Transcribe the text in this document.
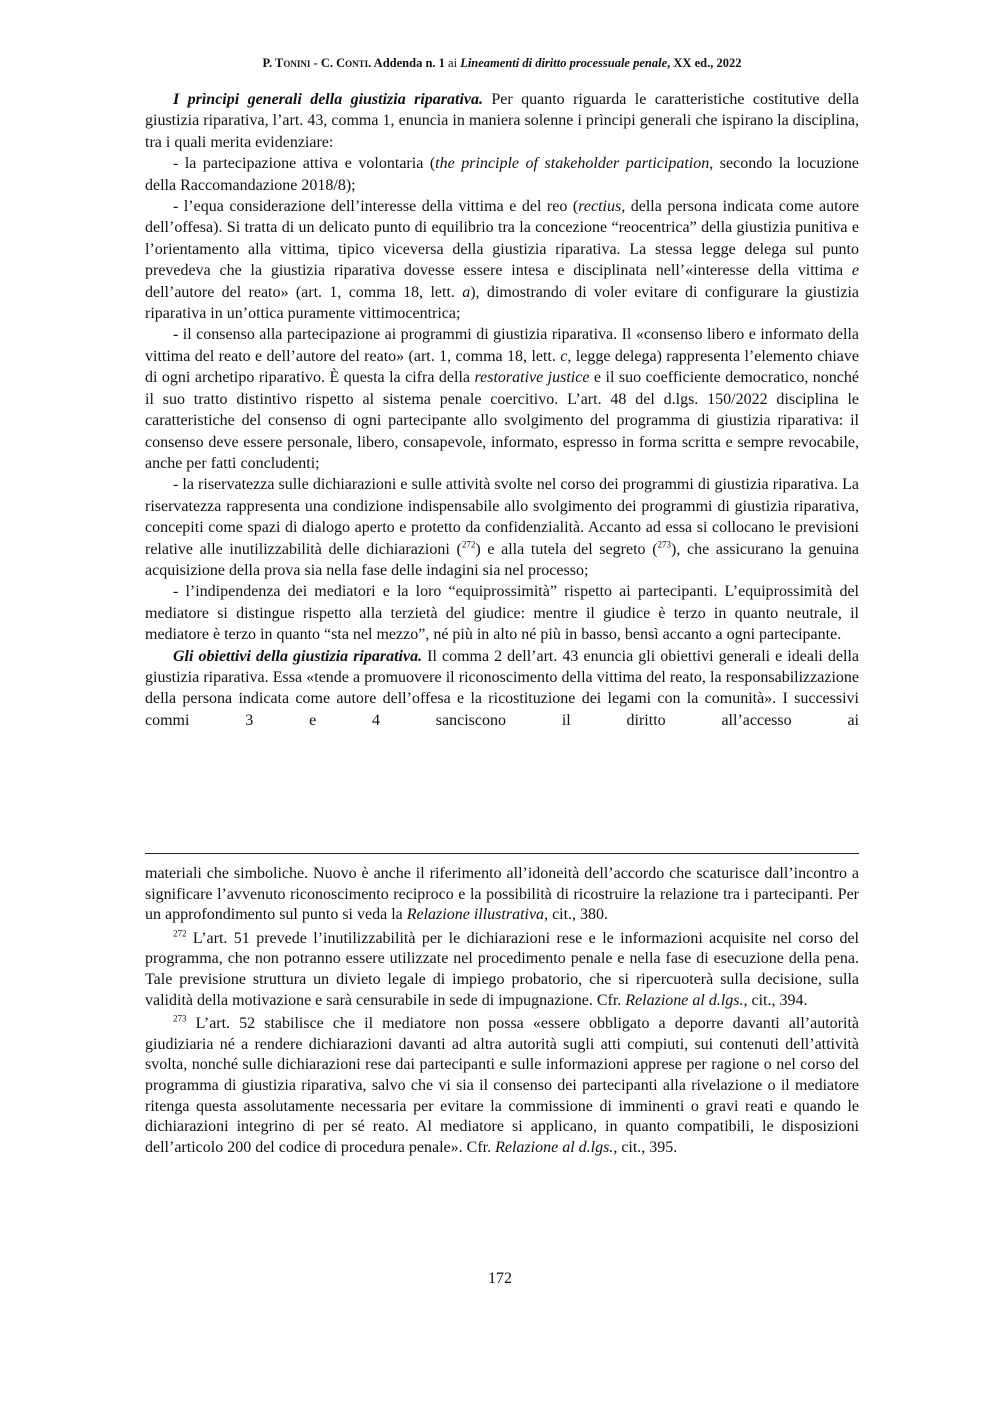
P. Tonini - C. Conti. Addenda n. 1 ai Lineamenti di diritto processuale penale, XX ed., 2022

I prìncipi generali della giustizia riparativa. Per quanto riguarda le caratteristiche costitutive della giustizia riparativa, l’art. 43, comma 1, enuncia in maniera solenne i prìncipi generali che ispirano la disciplina, tra i quali merita evidenziare:

- la partecipazione attiva e volontaria (the principle of stakeholder participation, secondo la locuzione della Raccomandazione 2018/8);

- l’equa considerazione dell’interesse della vittima e del reo (rectius, della persona indicata come autore dell’offesa). Si tratta di un delicato punto di equilibrio tra la concezione “reocentrica” della giustizia punitiva e l’orientamento alla vittima, tipico viceversa della giustizia riparativa. La stessa legge delega sul punto prevedeva che la giustizia riparativa dovesse essere intesa e disciplinata nell’«interesse della vittima e dell’autore del reato» (art. 1, comma 18, lett. a), dimostrando di voler evitare di configurare la giustizia riparativa in un’ottica puramente vittimocentrica;

- il consenso alla partecipazione ai programmi di giustizia riparativa. Il «consenso libero e informato della vittima del reato e dell’autore del reato» (art. 1, comma 18, lett. c, legge delega) rappresenta l’elemento chiave di ogni archetipo riparativo. È questa la cifra della restorative justice e il suo coefficiente democratico, nonché il suo tratto distintivo rispetto al sistema penale coercitivo. L’art. 48 del d.lgs. 150/2022 disciplina le caratteristiche del consenso di ogni partecipante allo svolgimento del programma di giustizia riparativa: il consenso deve essere personale, libero, consapevole, informato, espresso in forma scritta e sempre revocabile, anche per fatti concludenti;

- la riservatezza sulle dichiarazioni e sulle attività svolte nel corso dei programmi di giustizia riparativa. La riservatezza rappresenta una condizione indispensabile allo svolgimento dei programmi di giustizia riparativa, concepiti come spazi di dialogo aperto e protetto da confidenzialità. Accanto ad essa si collocano le previsioni relative alle inutilizzabilità delle dichiarazioni ($^{272}$) e alla tutela del segreto ($^{273}$), che assicurano la genuina acquisizione della prova sia nella fase delle indagini sia nel processo;

- l’indipendenza dei mediatori e la loro “equiprossimità” rispetto ai partecipanti. L’equiprossimità del mediatore si distingue rispetto alla terzietà del giudice: mentre il giudice è terzo in quanto neutrale, il mediatore è terzo in quanto “sta nel mezzo”, né più in alto né più in basso, bensì accanto a ogni partecipante.

Gli obiettivi della giustizia riparativa. Il comma 2 dell’art. 43 enuncia gli obiettivi generali e ideali della giustizia riparativa. Essa «tende a promuovere il riconoscimento della vittima del reato, la responsabilizzazione della persona indicata come autore dell’offesa e la ricostituzione dei legami con la comunità». I successivi commi 3 e 4 sanciscono il diritto all’accesso ai

materiali che simboliche. Nuovo è anche il riferimento all’idoneità dell’accordo che scaturisce dall’incontro a significare l’avvenuto riconoscimento reciproco e la possibilità di ricostruire la relazione tra i partecipanti. Per un approfondimento sul punto si veda la Relazione illustrativa, cit., 380.

$^{272}$ L’art. 51 prevede l’inutilizzabilità per le dichiarazioni rese e le informazioni acquisite nel corso del programma, che non potranno essere utilizzate nel procedimento penale e nella fase di esecuzione della pena. Tale previsione struttura un divieto legale di impiego probatorio, che si ripercuoterà sulla decisione, sulla validità della motivazione e sarà censurabile in sede di impugnazione. Cfr. Relazione al d.lgs., cit., 394.

$^{273}$ L’art. 52 stabilisce che il mediatore non possa «essere obbligato a deporre davanti all’autorità giudiziaria né a rendere dichiarazioni davanti ad altra autorità sugli atti compiuti, sui contenuti dell’attività svolta, nonché sulle dichiarazioni rese dai partecipanti e sulle informazioni apprese per ragione o nel corso del programma di giustizia riparativa, salvo che vi sia il consenso dei partecipanti alla rivelazione o il mediatore ritenga questa assolutamente necessaria per evitare la commissione di imminenti o gravi reati e quando le dichiarazioni integrino di per sé reato. Al mediatore si applicano, in quanto compatibili, le disposizioni dell’articolo 200 del codice di procedura penale». Cfr. Relazione al d.lgs., cit., 395.

172
